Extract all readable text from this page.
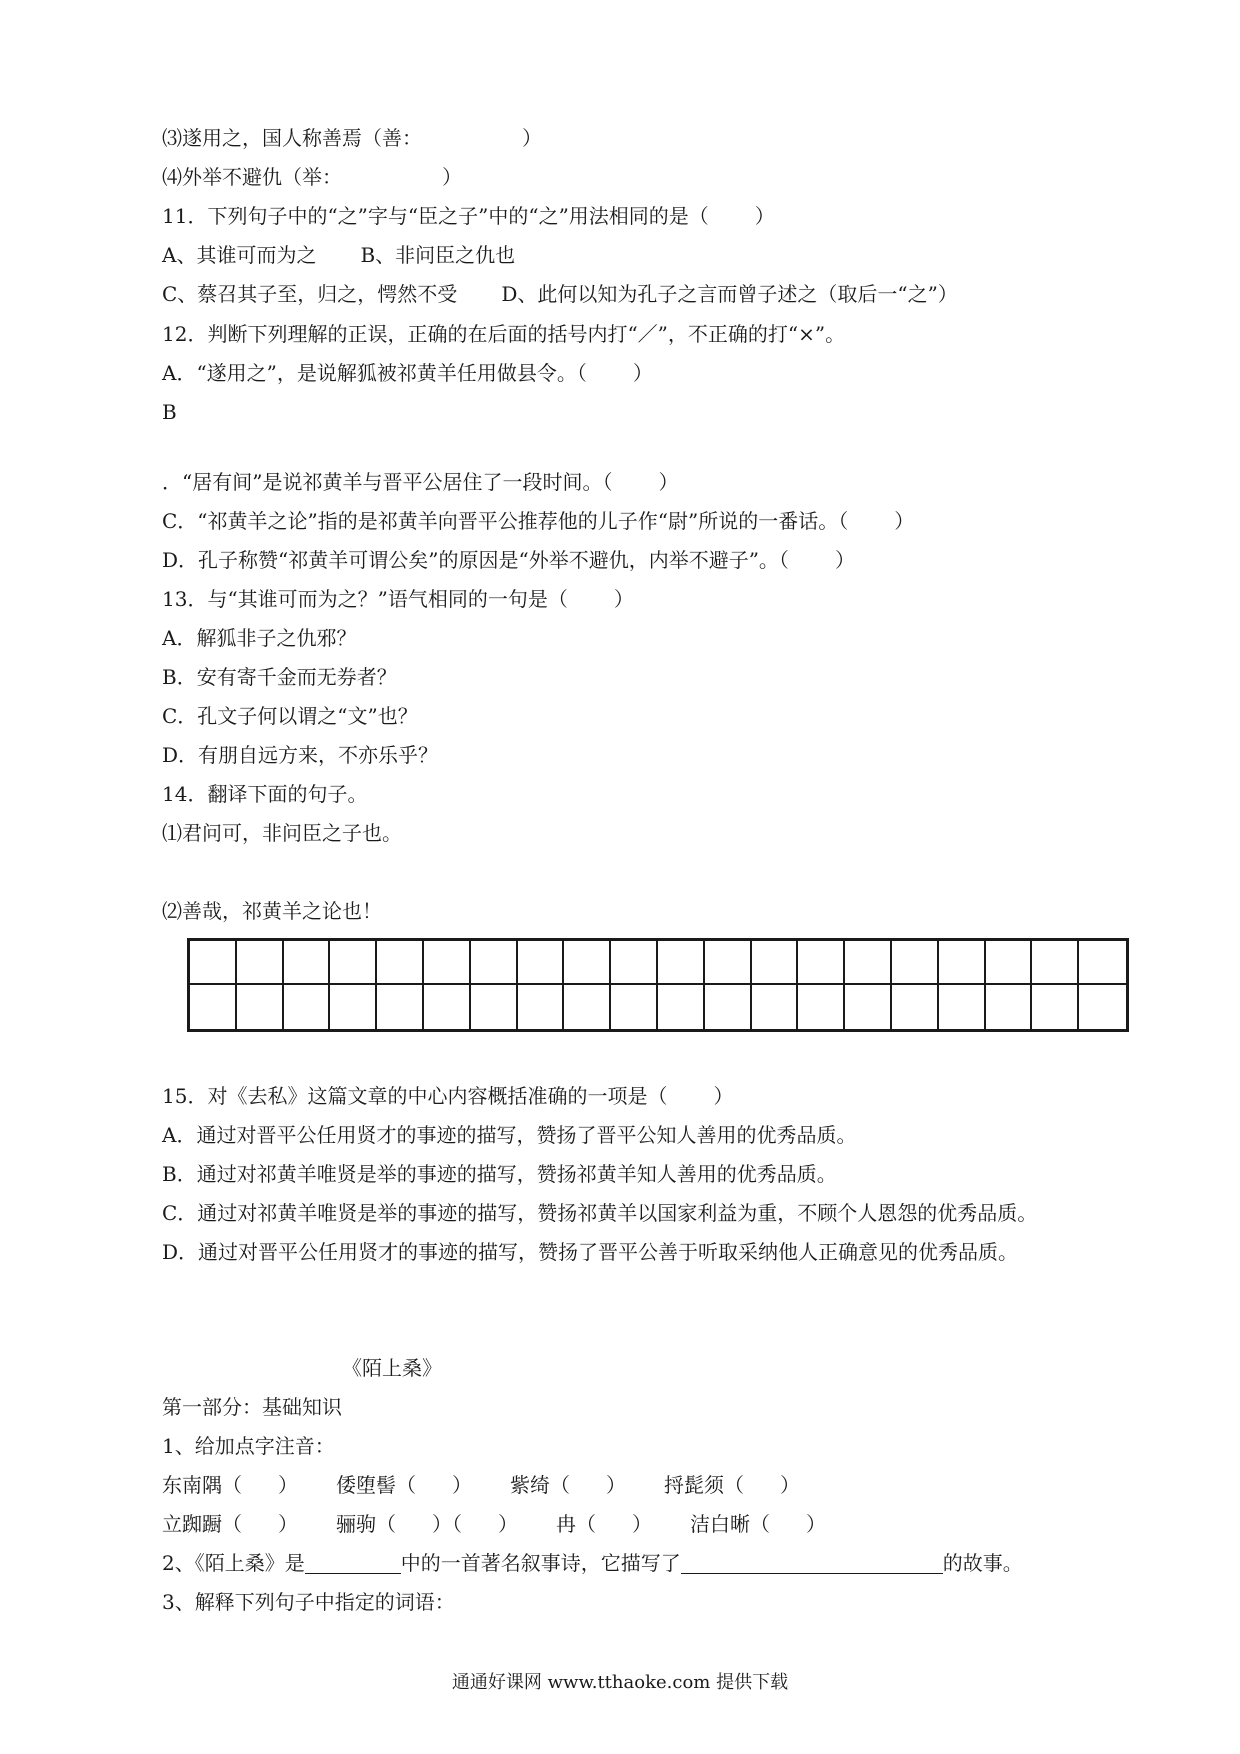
⑶遂用之，国人称善焉（善：	）
⑷外举不避仇（举：	）
11．下列句子中的“之”字与“臣之子”中的“之”用法相同的是（ ）
A、其谁可而为之 B、非问臣之仇也
C、蔡召其子至，归之，愕然不受 D、此何以知为孔子之言而曾子述之（取后一“之”）
12．判断下列理解的正误，正确的在后面的括号内打“／”，不正确的打“×”。
A．“遂用之”，是说解狐被祁黄羊任用做县令。（ ）
B
．“居有间”是说祁黄羊与晋平公居住了一段时间。（ ）
C．“祁黄羊之论”指的是祁黄羊向晋平公推荐他的儿子作“尉”所说的一番话。（ ）
D．孔子称赞“祁黄羊可谓公矣”的原因是“外举不避仇，内举不避子”。（ ）
13．与“其谁可而为之？”语气相同的一句是（ ）
A．解狐非子之仇邪？
B．安有寄千金而无券者？
C．孔文子何以谓之“文”也？
D．有朋自远方来，不亦乐乎？
14．翻译下面的句子。
⑴君问可，非问臣之子也。
⑵善哉，祁黄羊之论也！
15．对《去私》这篇文章的中心内容概括准确的一项是（ ）
A．通过对晋平公任用贤才的事迹的描写，赞扬了晋平公知人善用的优秀品质。
B．通过对祁黄羊唯贤是举的事迹的描写，赞扬祁黄羊知人善用的优秀品质。
C．通过对祁黄羊唯贤是举的事迹的描写，赞扬祁黄羊以国家利益为重，不顾个人恩怨的优秀品质。
D．通过对晋平公任用贤才的事迹的描写，赞扬了晋平公善于听取采纳他人正确意见的优秀品质。
《陌上桑》
第一部分：基础知识
1、给加点字注音：
东南隅（ ） 倭堕髻（ ） 紫绮（ ） 捋髭须（ ）
立踟蹰（ ） 骊驹（ ）（ ） 冉（ ） 洁白晰（ ）
2、《陌上桑》是	中的一首著名叙事诗，它描写了	的故事。
3、解释下列句子中指定的词语：
通通好课网 www.tthaoke.com 提供下载
